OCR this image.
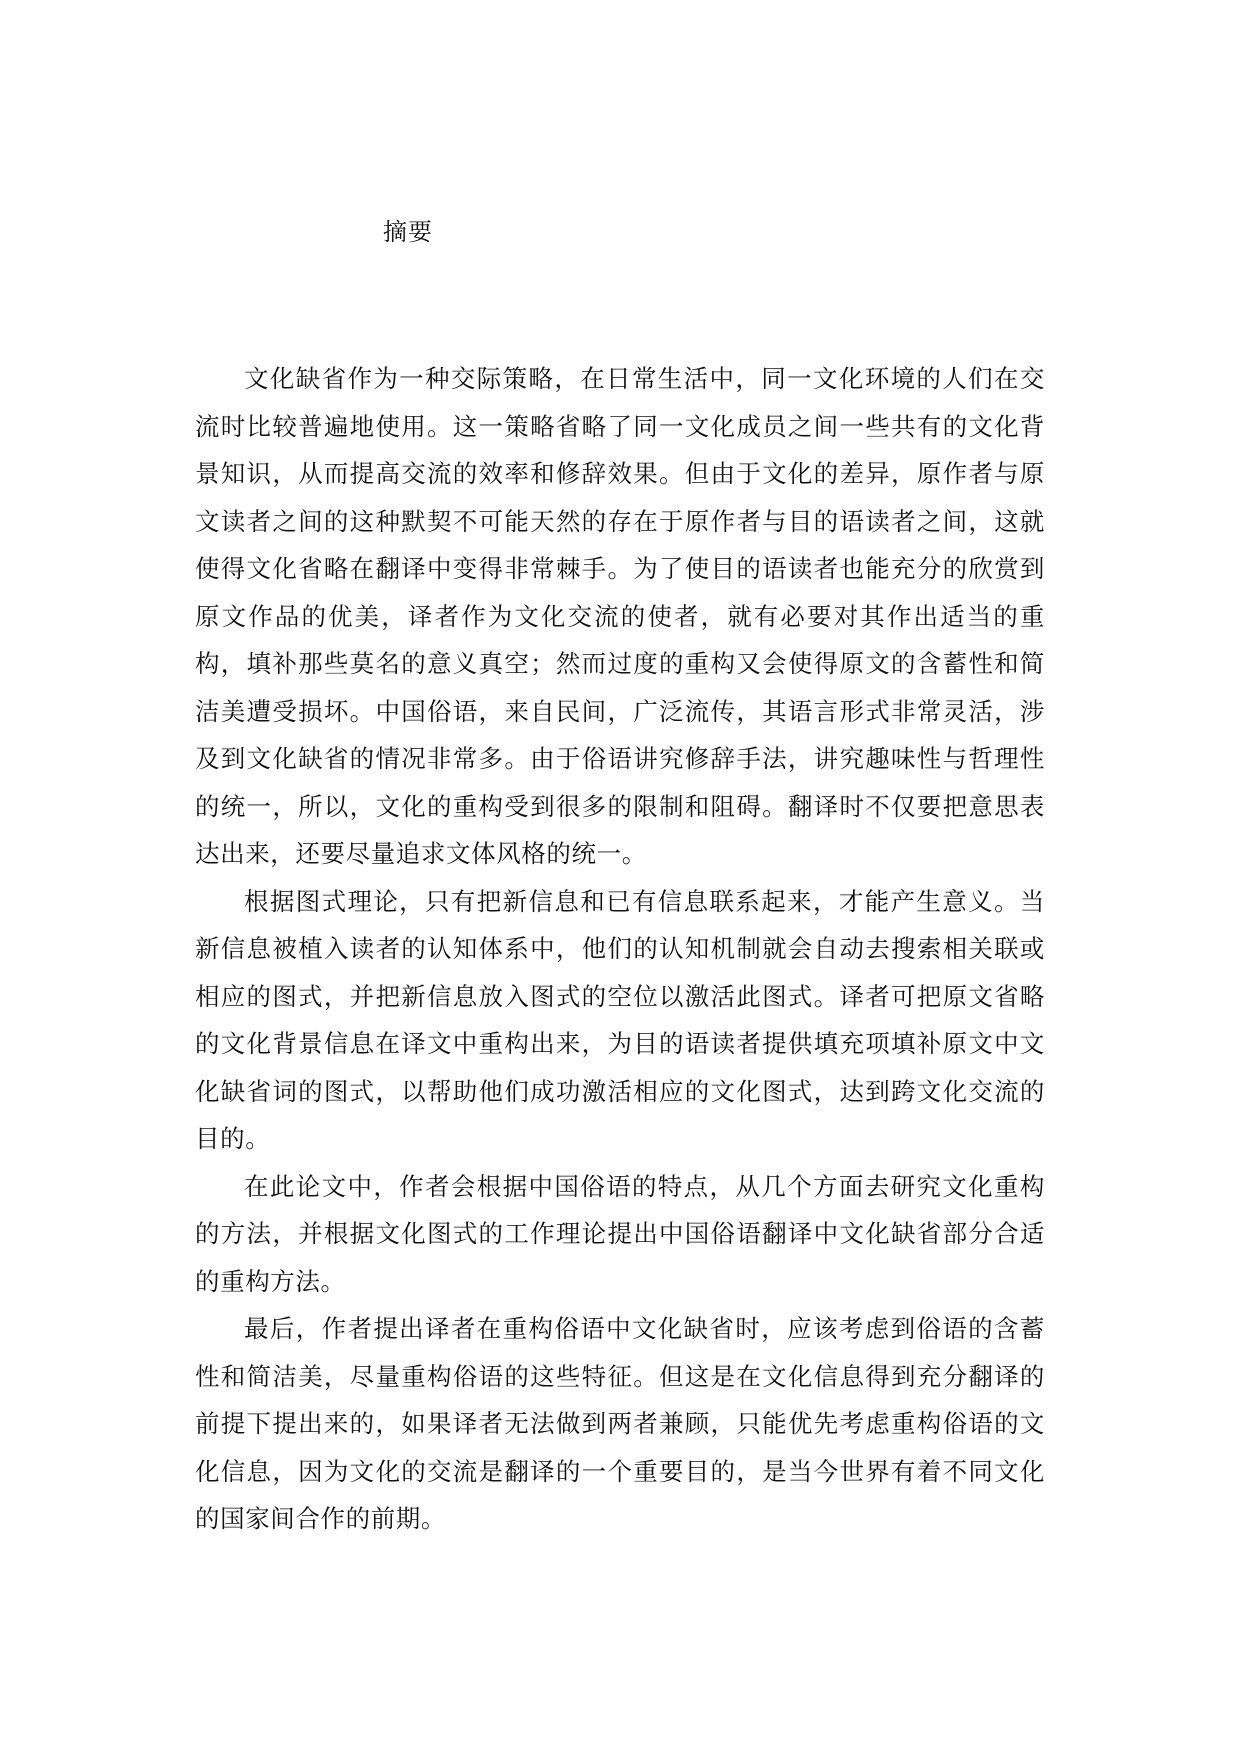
摘要

文化缺省作为一种交际策略，在日常生活中，同一文化环境的人们在交流时比较普遍地使用。这一策略省略了同一文化成员之间一些共有的文化背景知识，从而提高交流的效率和修辞效果。但由于文化的差异，原作者与原文读者之间的这种默契不可能天然的存在于原作者与目的语读者之间，这就使得文化省略在翻译中变得非常棘手。为了使目的语读者也能充分的欣赏到原文作品的优美，译者作为文化交流的使者，就有必要对其作出适当的重构，填补那些莫名的意义真空；然而过度的重构又会使得原文的含蓄性和简洁美遭受损坏。中国俗语，来自民间，广泛流传，其语言形式非常灵活，涉及到文化缺省的情况非常多。由于俗语讲究修辞手法，讲究趣味性与哲理性的统一，所以，文化的重构受到很多的限制和阻碍。翻译时不仅要把意思表达出来，还要尽量追求文体风格的统一。

根据图式理论，只有把新信息和已有信息联系起来，才能产生意义。当新信息被植入读者的认知体系中，他们的认知机制就会自动去搜索相关联或相应的图式，并把新信息放入图式的空位以激活此图式。译者可把原文省略的文化背景信息在译文中重构出来，为目的语读者提供填充项填补原文中文化缺省词的图式，以帮助他们成功激活相应的文化图式，达到跨文化交流的目的。

在此论文中，作者会根据中国俗语的特点，从几个方面去研究文化重构的方法，并根据文化图式的工作理论提出中国俗语翻译中文化缺省部分合适的重构方法。

最后，作者提出译者在重构俗语中文化缺省时，应该考虑到俗语的含蓄性和简洁美，尽量重构俗语的这些特征。但这是在文化信息得到充分翻译的前提下提出来的，如果译者无法做到两者兼顾，只能优先考虑重构俗语的文化信息，因为文化的交流是翻译的一个重要目的，是当今世界有着不同文化的国家间合作的前期。
